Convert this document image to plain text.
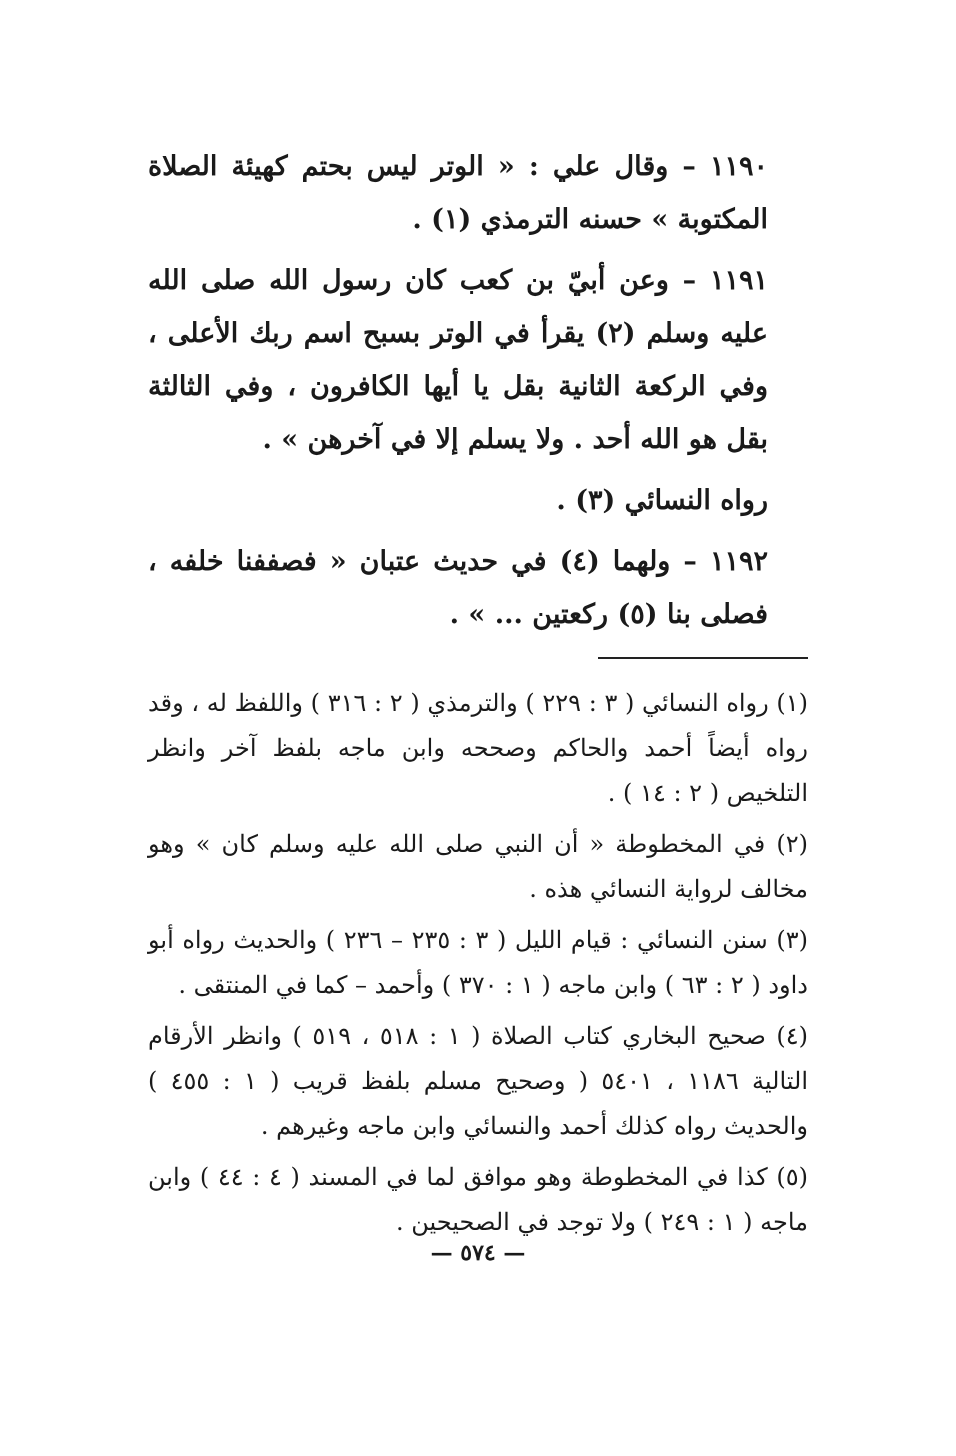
١١٩٠ – وقال علي : « الوتر ليس بحتم كهيئة الصلاة المكتوبة » حسنه الترمذي (١) .

١١٩١ – وعن أبيّ بن كعب كان رسول الله صلى الله عليه وسلم (٢) يقرأ في الوتر بسبح اسم ربك الأعلى ، وفي الركعة الثانية بقل يا أيها الكافرون ، وفي الثالثة بقل هو الله أحد . ولا يسلم إلا في آخرهن » .

رواه النسائي (٣) .

١١٩٢ – ولهما (٤) في حديث عتبان « فصففنا خلفه ، فصلى بنا (٥) ركعتين ... » .

(١) رواه النسائي ( ٣ : ٢٢٩ ) والترمذي ( ٢ : ٣١٦ ) واللفظ له ، وقد رواه أيضاً أحمد والحاكم وصححه وابن ماجه بلفظ آخر وانظر التلخيص ( ٢ : ١٤ ) .

(٢) في المخطوطة « أن النبي صلى الله عليه وسلم كان » وهو مخالف لرواية النسائي هذه .

(٣) سنن النسائي : قيام الليل ( ٣ : ٢٣٥ – ٢٣٦ ) والحديث رواه أبو داود ( ٢ : ٦٣ ) وابن ماجه ( ١ : ٣٧٠ ) وأحمد – كما في المنتقى .

(٤) صحيح البخاري كتاب الصلاة ( ١ : ٥١٨ ، ٥١٩ ) وانظر الأرقام التالية ١١٨٦ ، ٥٤٠١ ( وصحيح مسلم بلفظ قريب ( ١ : ٤٥٥ ) والحديث رواه كذلك أحمد والنسائي وابن ماجه وغيرهم .

(٥) كذا في المخطوطة وهو موافق لما في المسند ( ٤ : ٤٤ ) وابن ماجه ( ١ : ٢٤٩ ) ولا توجد في الصحيحين .

— ٥٧٤ —
